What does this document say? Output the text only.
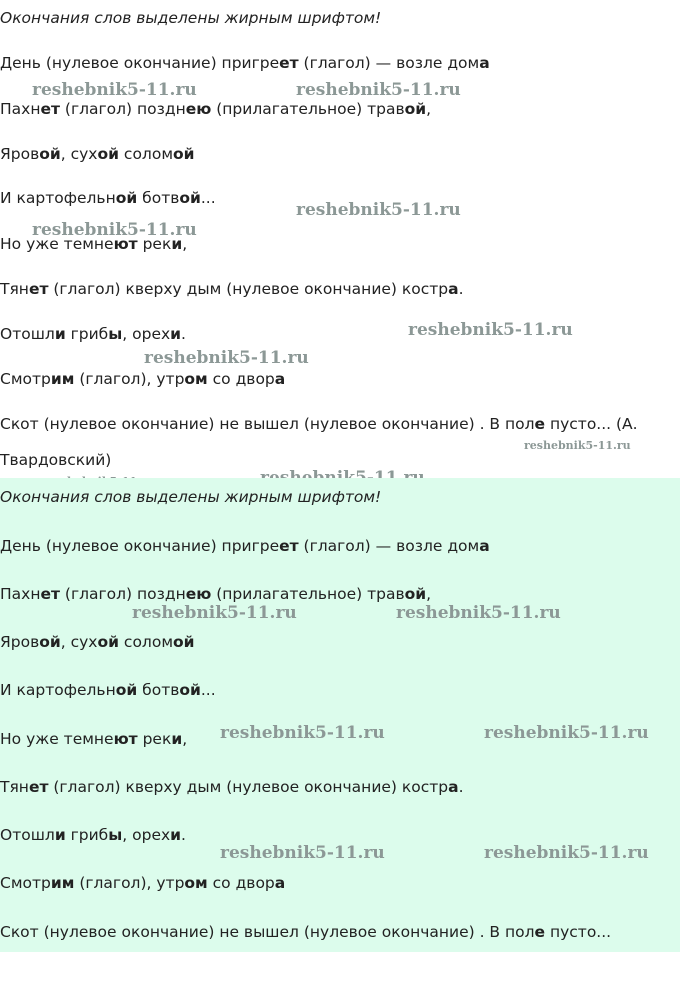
Окончания слов выделены жирным шрифтом!
День (нулевое окончание) пригреет (глагол) — возле дома
Пахнет (глагол) позднею (прилагательное) травой,
Яровой, сухой соломой
И картофельной ботвой...
Но уже темнеют реки,
Тянет (глагол) кверху дым (нулевое окончание) костра.
Отошли грибы, орехи.
Смотрим (глагол), утром со двора
Скот (нулевое окончание) не вышел (нулевое окончание) . В поле пусто... (А.
Твардовский)
reshebnik5-11.ru	reshebnik5-11.ru
reshebnik5-11.ru
reshebnik5-11.ru
reshebnik5-11.ru
reshebnik5-11.ru
reshebnik5-11.ru
Окончания слов выделены жирным шрифтом!
День (нулевое окончание) пригреет (глагол) — возле дома
Пахнет (глагол) позднею (прилагательное) травой,
Яровой, сухой соломой
И картофельной ботвой...
Но уже темнеют реки,
Тянет (глагол) кверху дым (нулевое окончание) костра.
Отошли грибы, орехи.
Смотрим (глагол), утром со двора
Скот (нулевое окончание) не вышел (нулевое окончание) . В поле пусто...
reshebnik5-11.ru	reshebnik5-11.ru
reshebnik5-11.ru	reshebnik5-11.ru
reshebnik5-11.ru	reshebnik5-11.ru
